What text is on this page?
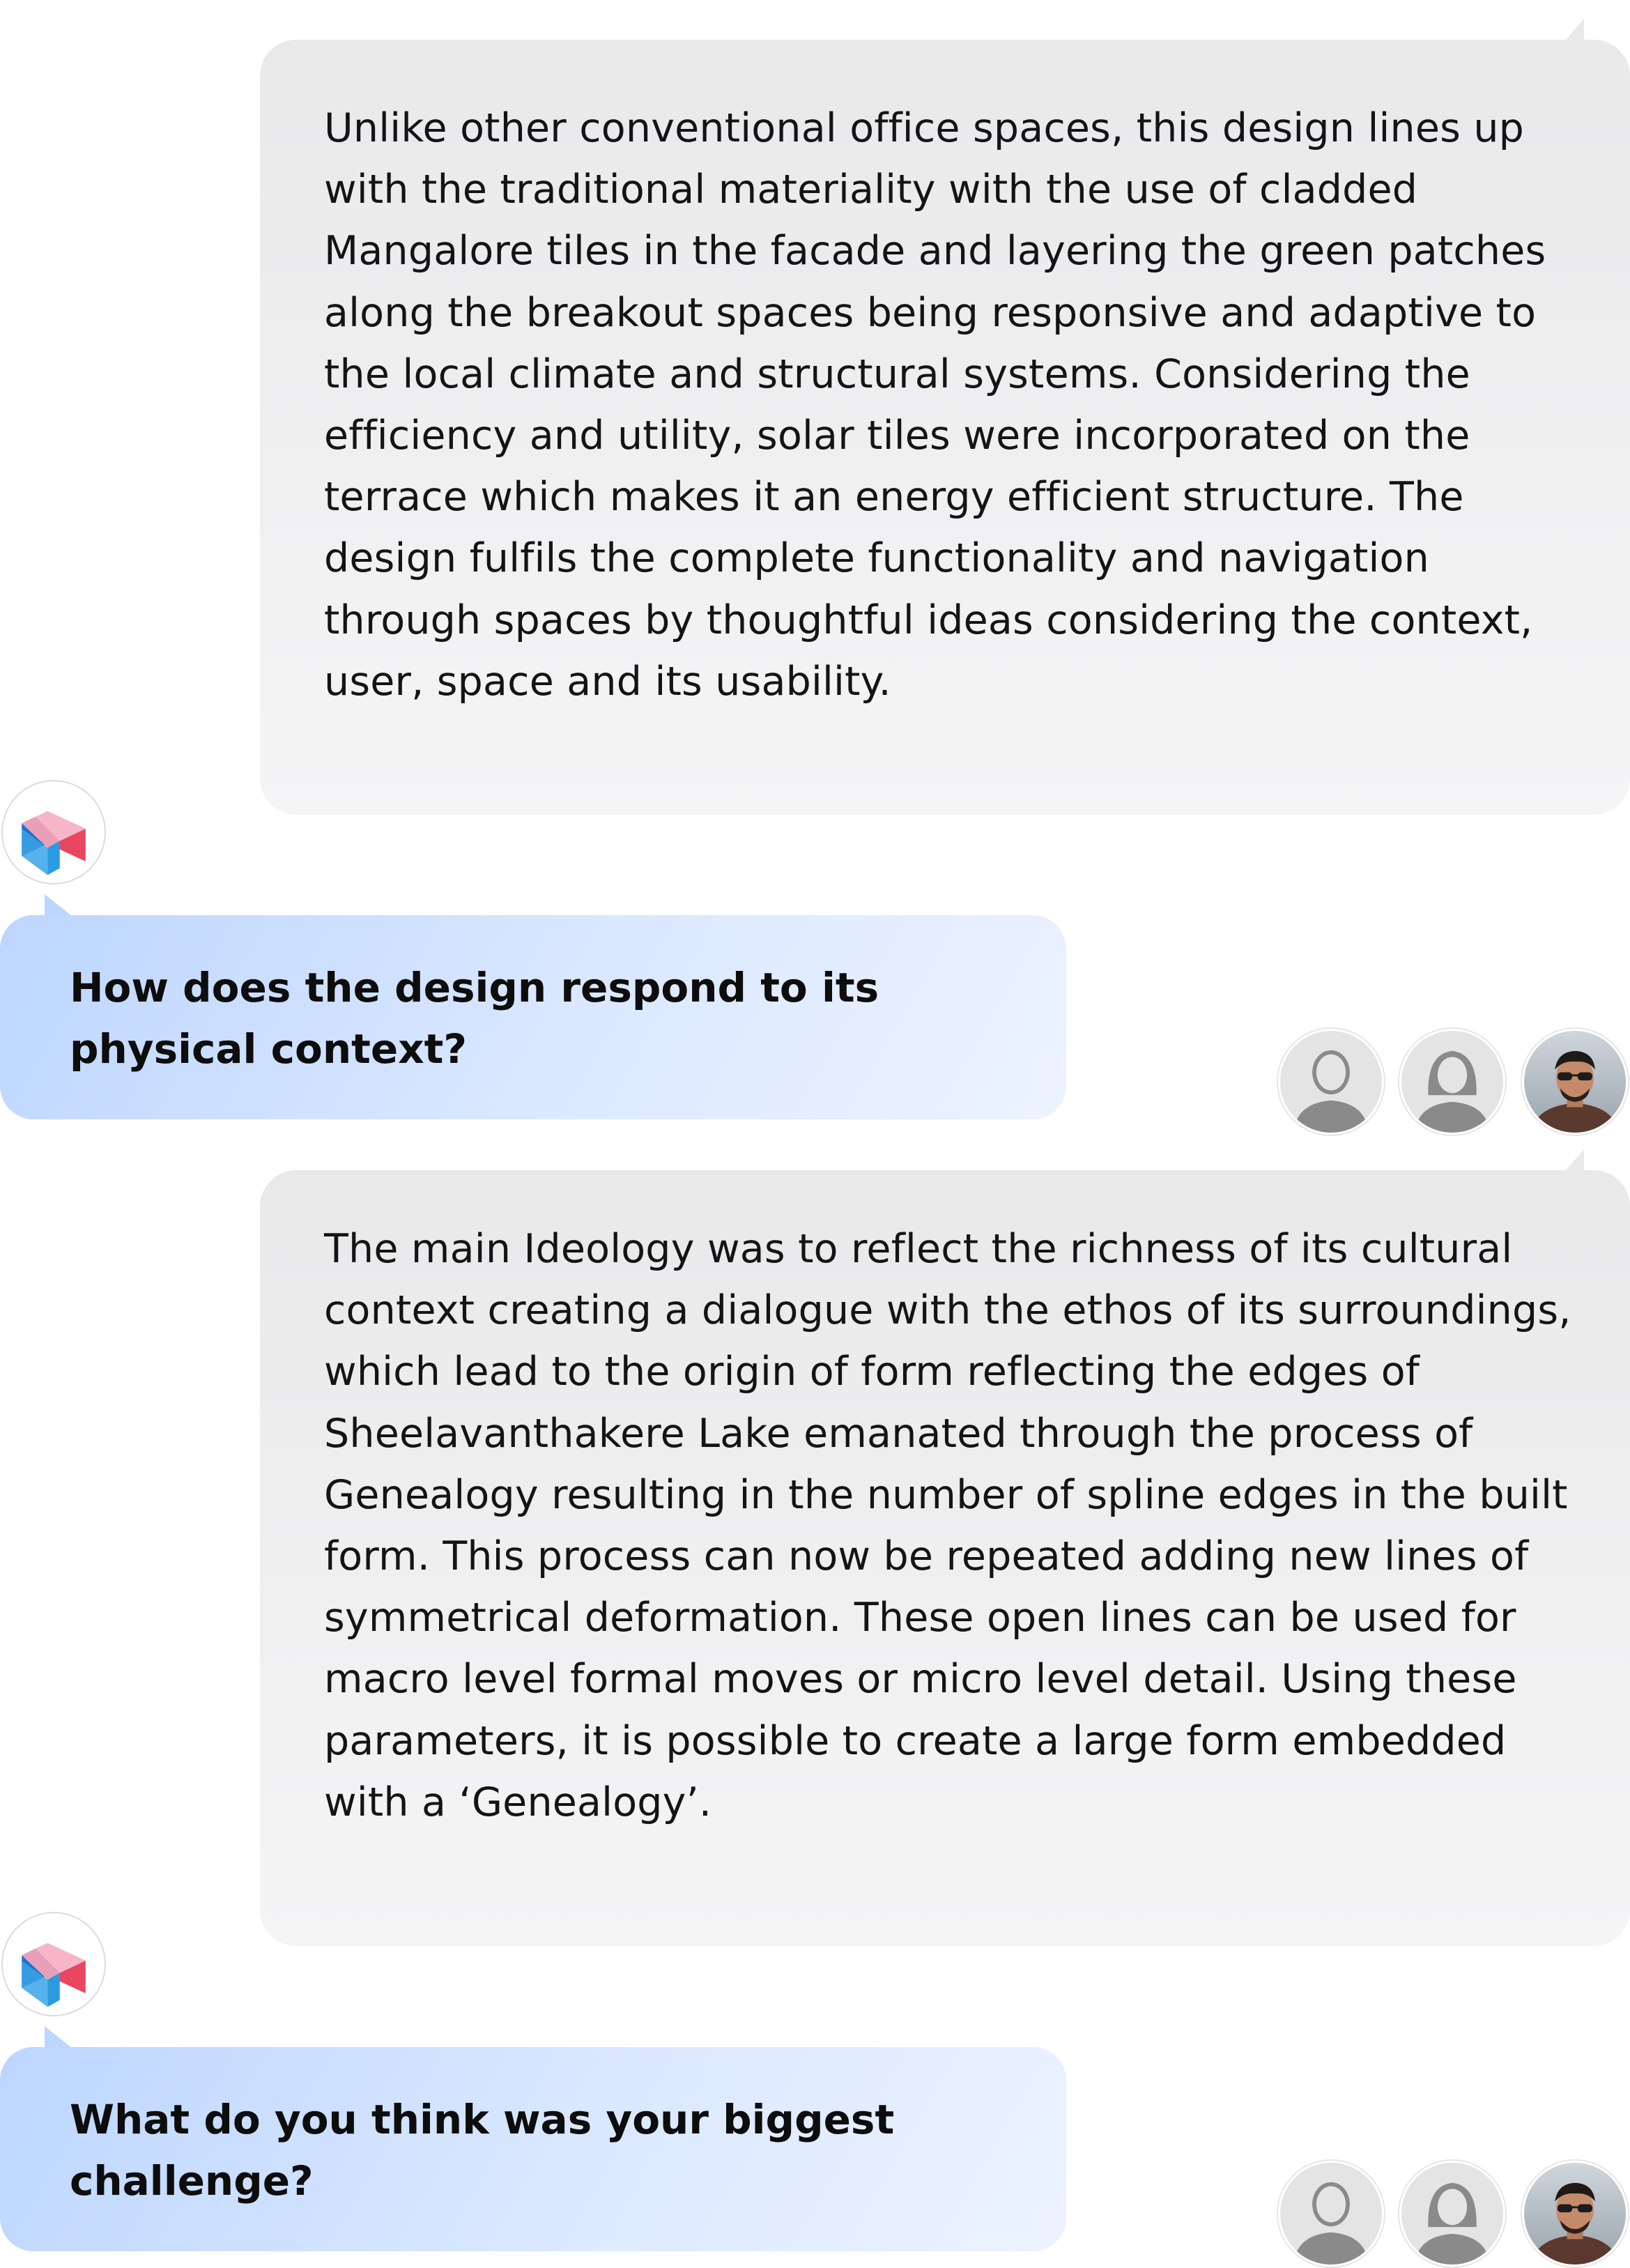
Unlike other conventional office spaces, this design lines up with the traditional materiality with the use of cladded Mangalore tiles in the facade and layering the green patches along the breakout spaces being responsive and adaptive to the local climate and structural systems. Considering the efficiency and utility, solar tiles were incorporated on the terrace which makes it an energy efficient structure. The design fulfils the complete functionality and navigation through spaces by thoughtful ideas considering the context, user, space and its usability.

How does the design respond to its physical context?

The main Ideology was to reflect the richness of its cultural context creating a dialogue with the ethos of its surroundings, which lead to the origin of form reflecting the edges of Sheelavanthakere Lake emanated through the process of Genealogy resulting in the number of spline edges in the built form. This process can now be repeated adding new lines of symmetrical deformation. These open lines can be used for macro level formal moves or micro level detail. Using these parameters, it is possible to create a large form embedded with a ‘Genealogy’.

What do you think was your biggest challenge?
